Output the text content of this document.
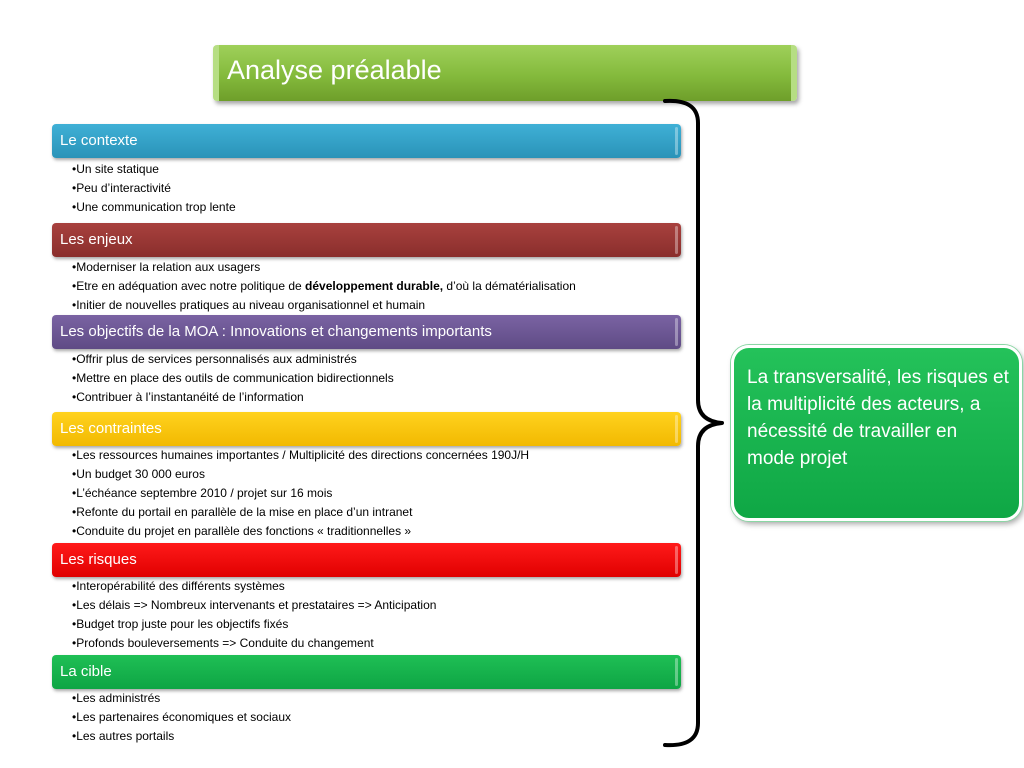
Analyse préalable
Le contexte
•Un site statique
•Peu d’interactivité
•Une communication trop lente
Les enjeux
•Moderniser la relation aux usagers
•Etre en adéquation avec notre politique de développement durable, d’où la dématérialisation
•Initier de nouvelles pratiques au niveau organisationnel et humain
Les objectifs de la MOA : Innovations et changements importants
•Offrir plus de services personnalisés aux administrés
•Mettre en place des outils de communication bidirectionnels
•Contribuer à l’instantanéité de l’information
Les contraintes
•Les ressources humaines importantes / Multiplicité des directions concernées 190J/H
•Un budget 30 000 euros
•L’échéance septembre 2010 / projet sur 16 mois
•Refonte du portail en parallèle de la mise en place d’un intranet
•Conduite du projet en parallèle des fonctions « traditionnelles »
Les risques
•Interopérabilité des différents systèmes
•Les délais => Nombreux intervenants et prestataires => Anticipation
•Budget trop juste pour les objectifs fixés
•Profonds bouleversements => Conduite du changement
La cible
•Les administrés
•Les partenaires économiques et sociaux
•Les autres portails
La transversalité, les risques et la multiplicité des acteurs, a nécessité de travailler en mode projet
